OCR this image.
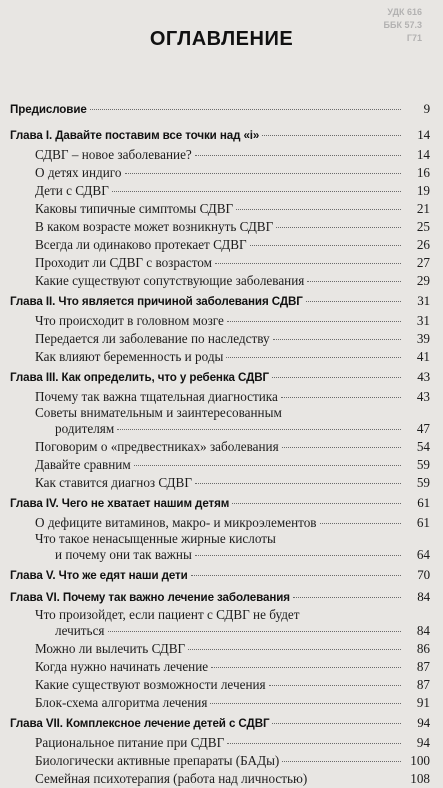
УДК 616
ББК 57.3
Г71
ОГЛАВЛЕНИЕ
Предисловие	9
Глава I. Давайте поставим все точки над «і»	14
СДВГ – новое заболевание?	14
О детях индиго	16
Дети с СДВГ	19
Каковы типичные симптомы СДВГ	21
В каком возрасте может возникнуть СДВГ	25
Всегда ли одинаково протекает СДВГ	26
Проходит ли СДВГ с возрастом	27
Какие существуют сопутствующие заболевания	29
Глава II. Что является причиной заболевания СДВГ	31
Что происходит в головном мозге	31
Передается ли заболевание по наследству	39
Как влияют беременность и роды	41
Глава III. Как определить, что у ребенка СДВГ	43
Почему так важна тщательная диагностика	43
Советы внимательным и заинтересованным
родителям	47
Поговорим о «предвестниках» заболевания	54
Давайте сравним	59
Как ставится диагноз СДВГ	59
Глава IV. Чего не хватает нашим детям	61
О дефиците витаминов, макро- и микроэлементов	61
Что такое ненасыщенные жирные кислоты
и почему они так важны	64
Глава V. Что же едят наши дети	70
Глава VI. Почему так важно лечение заболевания	84
Что произойдет, если пациент с СДВГ не будет
лечиться	84
Можно ли вылечить СДВГ	86
Когда нужно начинать лечение	87
Какие существуют возможности лечения	87
Блок-схема алгоритма лечения	91
Глава VII. Комплексное лечение детей с СДВГ	94
Рациональное питание при СДВГ	94
Биологически активные препараты (БАДы)	100
Семейная психотерапия (работа над личностью)	108
